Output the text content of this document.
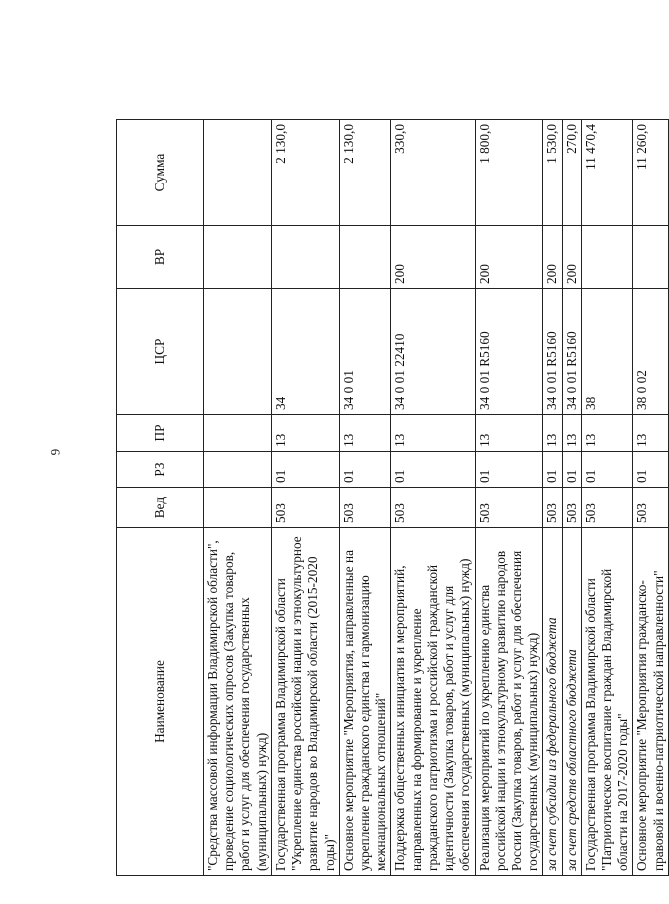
6
Наименование	Вед	РЗ	ПР	ЦСР	ВР	Сумма
"Средства массовой информации Владимирской области", проведение социологических опросов (Закупка товаров, работ и услуг для обеспечения государственных (муниципальных) нужд)						
Государственная программа Владимирской области "Укрепление единства российской нации и этнокультурное развитие народов во Владимирской области (2015-2020 годы)"	503	01	13	34		2 130,0
Основное мероприятие "Мероприятия, направленные на укрепление гражданского единства и гармонизацию межнациональных отношений"	503	01	13	34 0 01		2 130,0
Поддержка общественных инициатив и мероприятий, направленных на формирование и укрепление гражданского патриотизма и российской гражданской идентичности (Закупка товаров, работ и услуг для обеспечения государственных (муниципальных) нужд)	503	01	13	34 0 01 22410	200	330,0
Реализация мероприятий по укреплению единства российской нации и этнокультурному развитию народов России (Закупка товаров, работ и услуг для обеспечения государственных (муниципальных) нужд)	503	01	13	34 0 01 R5160	200	1 800,0
за счет субсидии из федерального бюджета	503	01	13	34 0 01 R5160	200	1 530,0
за счет средств областного бюджета	503	01	13	34 0 01 R5160	200	270,0
Государственная программа Владимирской области "Патриотическое воспитание граждан Владимирской области на 2017-2020 годы"	503	01	13	38		11 470,4
Основное мероприятие "Мероприятия гражданско-правовой и военно-патриотической направленности"	503	01	13	38 0 02		11 260,0
